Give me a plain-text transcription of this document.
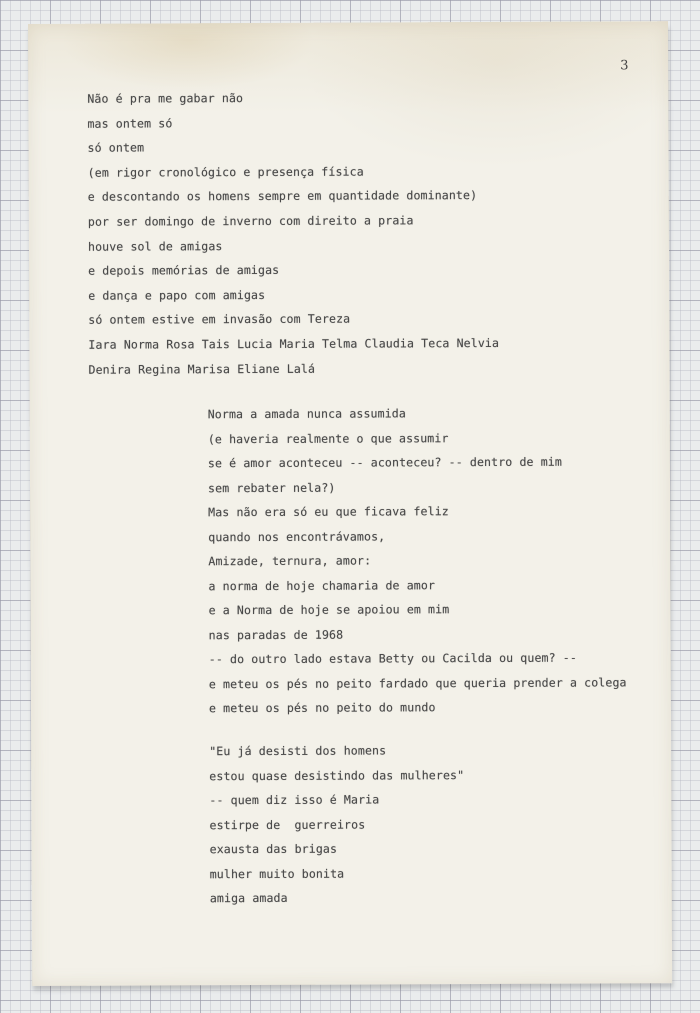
3
Não é pra me gabar não
mas ontem só
só ontem
(em rigor cronológico e presença física
e descontando os homens sempre em quantidade dominante)
por ser domingo de inverno com direito a praia
houve sol de amigas
e depois memórias de amigas
e dança e papo com amigas
só ontem estive em invasão com Tereza
Iara Norma Rosa Tais Lucia Maria Telma Claudia Teca Nelvia
Denira Regina Marisa Eliane Lalá
Norma a amada nunca assumida
(e haveria realmente o que assumir
se é amor aconteceu -- aconteceu? -- dentro de mim
sem rebater nela?)
Mas não era só eu que ficava feliz
quando nos encontrávamos,
Amizade, ternura, amor:
a norma de hoje chamaria de amor
e a Norma de hoje se apoiou em mim
nas paradas de 1968
-- do outro lado estava Betty ou Cacilda ou quem? --
e meteu os pés no peito fardado que queria prender a colega
e meteu os pés no peito do mundo
"Eu já desisti dos homens
estou quase desistindo das mulheres"
-- quem diz isso é Maria
estirpe de  guerreiros
exausta das brigas
mulher muito bonita
amiga amada
